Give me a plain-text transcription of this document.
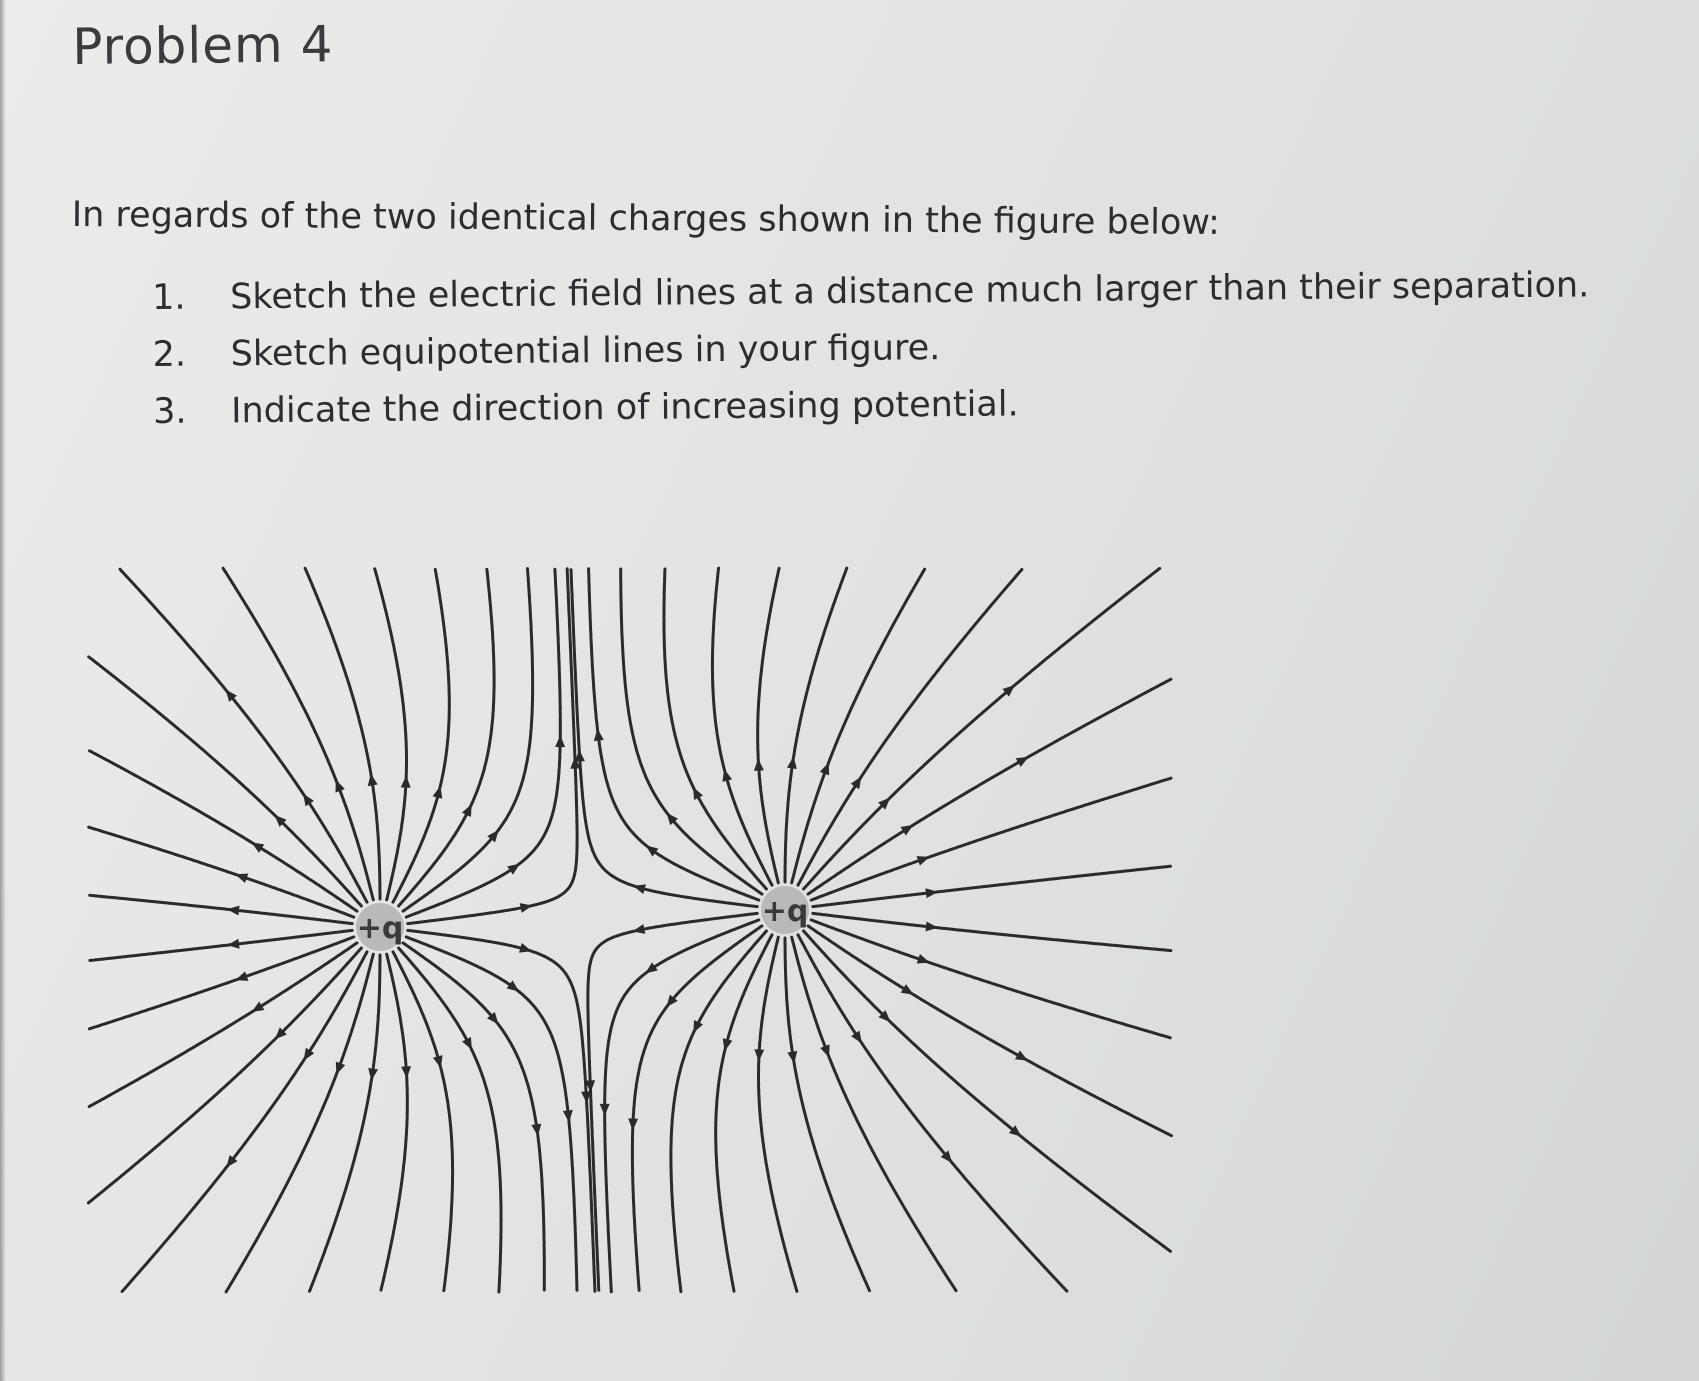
Problem 4
In regards of the two identical charges shown in the figure below:
1.	Sketch the electric field lines at a distance much larger than their separation.
2.	Sketch equipotential lines in your figure.
3.	Indicate the direction of increasing potential.
+q	+q
